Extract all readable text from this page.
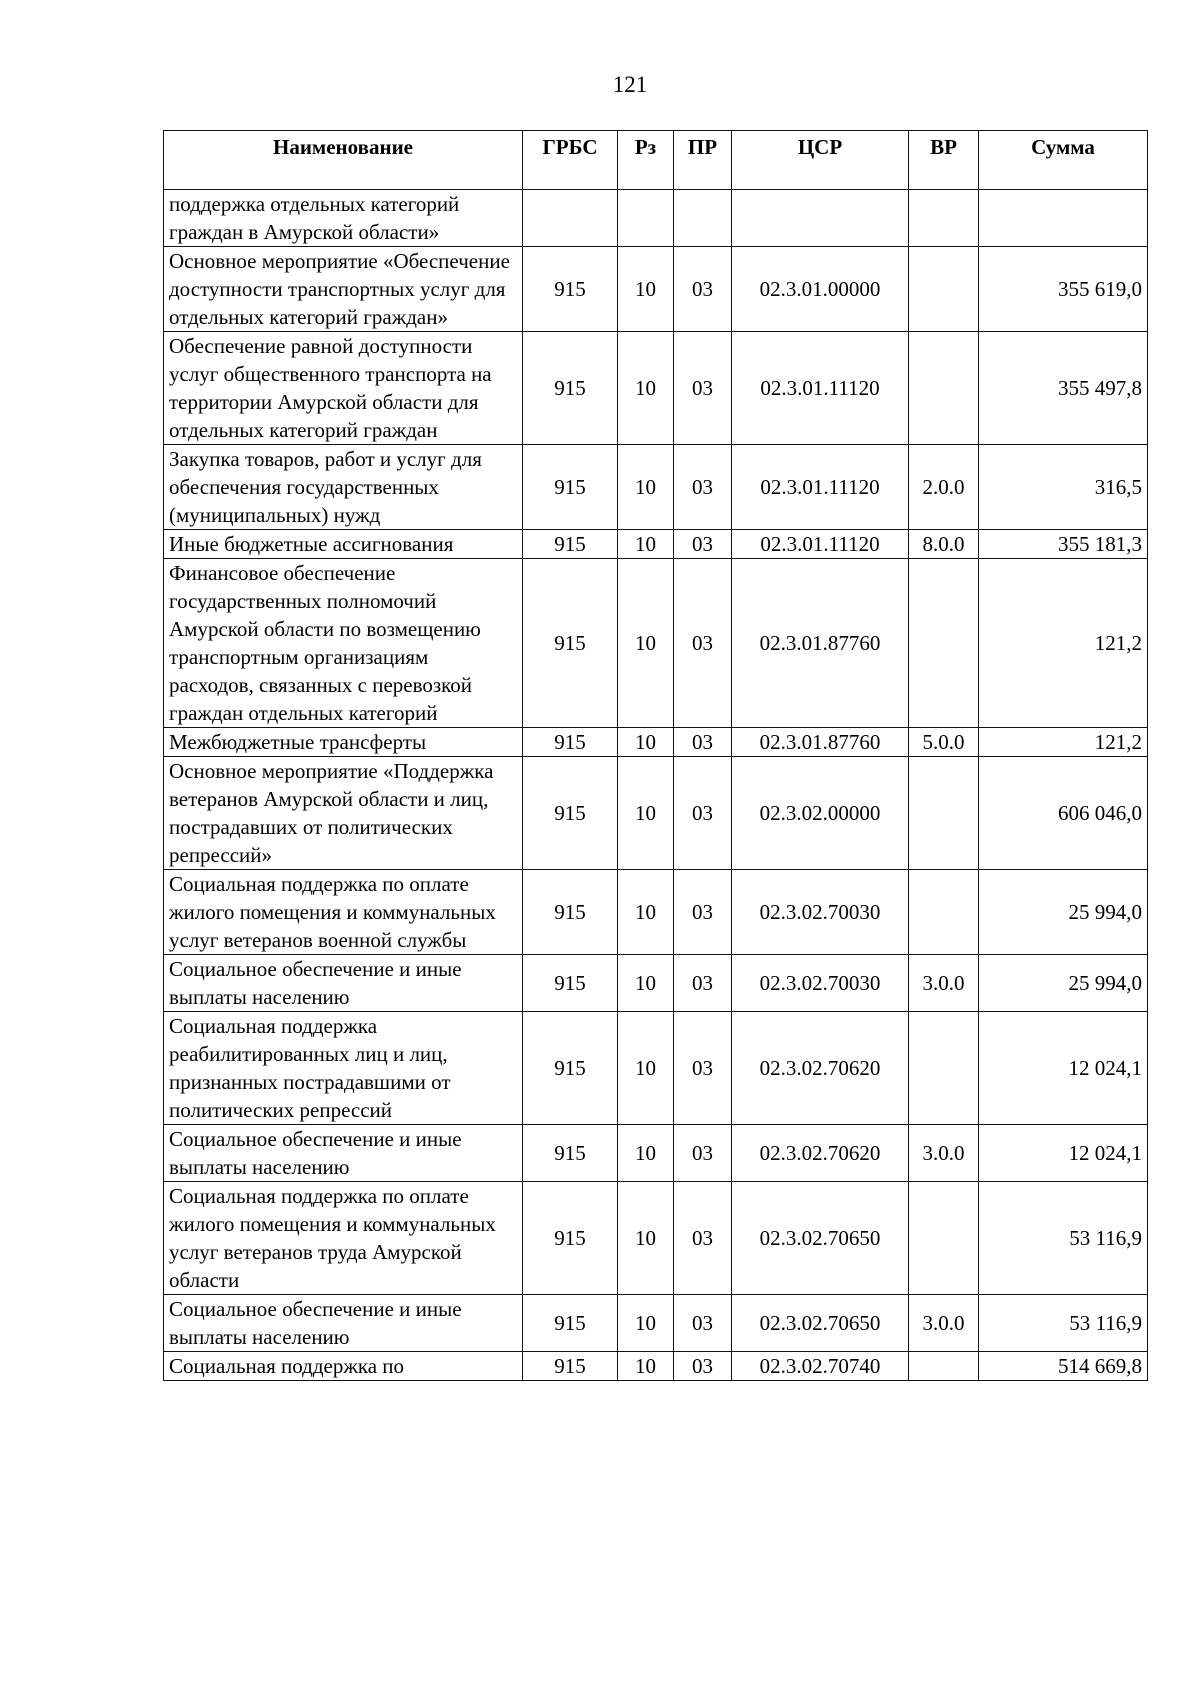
121
Наименование	ГРБС	Рз	ПР	ЦСР	ВР	Сумма
поддержка отдельных категорий граждан в Амурской области»						
Основное мероприятие «Обеспечение доступности транспортных услуг для отдельных категорий граждан»	915	10	03	02.3.01.00000		355 619,0
Обеспечение равной доступности услуг общественного транспорта на территории Амурской области для отдельных категорий граждан	915	10	03	02.3.01.11120		355 497,8
Закупка товаров, работ и услуг для обеспечения государственных (муниципальных) нужд	915	10	03	02.3.01.11120	2.0.0	316,5
Иные бюджетные ассигнования	915	10	03	02.3.01.11120	8.0.0	355 181,3
Финансовое обеспечение государственных полномочий Амурской области по возмещению транспортным организациям расходов, связанных с перевозкой граждан отдельных категорий	915	10	03	02.3.01.87760		121,2
Межбюджетные трансферты	915	10	03	02.3.01.87760	5.0.0	121,2
Основное мероприятие «Поддержка ветеранов Амурской области и лиц, пострадавших от политических репрессий»	915	10	03	02.3.02.00000		606 046,0
Социальная поддержка по оплате жилого помещения и коммунальных услуг ветеранов военной службы	915	10	03	02.3.02.70030		25 994,0
Социальное обеспечение и иные выплаты населению	915	10	03	02.3.02.70030	3.0.0	25 994,0
Социальная поддержка реабилитированных лиц и лиц, признанных пострадавшими от политических репрессий	915	10	03	02.3.02.70620		12 024,1
Социальное обеспечение и иные выплаты населению	915	10	03	02.3.02.70620	3.0.0	12 024,1
Социальная поддержка по оплате жилого помещения и коммунальных услуг ветеранов труда Амурской области	915	10	03	02.3.02.70650		53 116,9
Социальное обеспечение и иные выплаты населению	915	10	03	02.3.02.70650	3.0.0	53 116,9
Социальная поддержка по	915	10	03	02.3.02.70740		514 669,8
